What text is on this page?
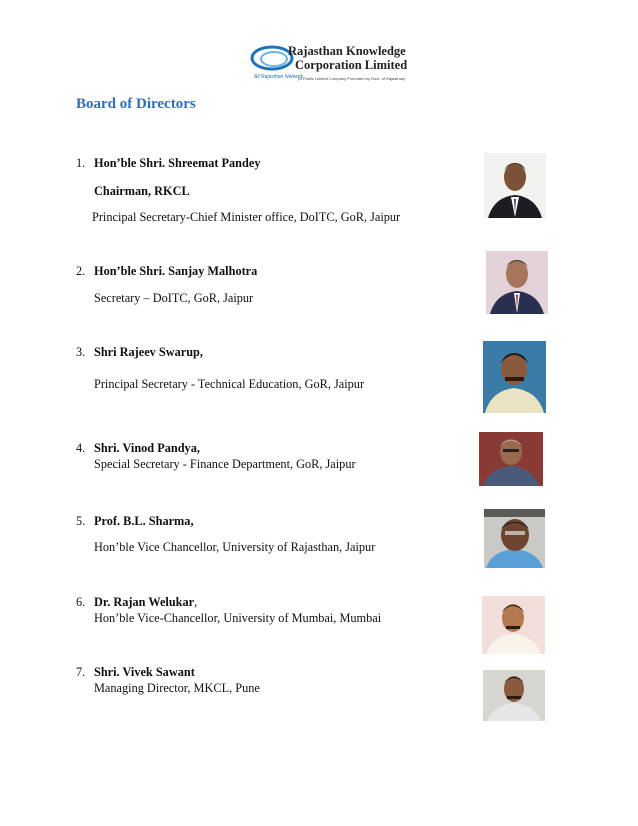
Rajasthan Knowledge
Corporation Limited
All Rajasthan Network
(A Public Limited Company Promoted by Govt. of Rajasthan)
Board of Directors
1. Hon’ble Shri. Shreemat Pandey
Chairman, RKCL
Principal Secretary-Chief Minister office, DoITC, GoR, Jaipur
2. Hon’ble Shri. Sanjay Malhotra
Secretary – DoITC, GoR, Jaipur
3. Shri Rajeev Swarup,
Principal Secretary - Technical Education, GoR, Jaipur
4. Shri. Vinod Pandya,
Special Secretary - Finance Department, GoR, Jaipur
5. Prof. B.L. Sharma,
Hon’ble Vice Chancellor, University of Rajasthan, Jaipur
6. Dr. Rajan Welukar,
Hon’ble Vice-Chancellor, University of Mumbai, Mumbai
7. Shri. Vivek Sawant
Managing Director, MKCL, Pune
